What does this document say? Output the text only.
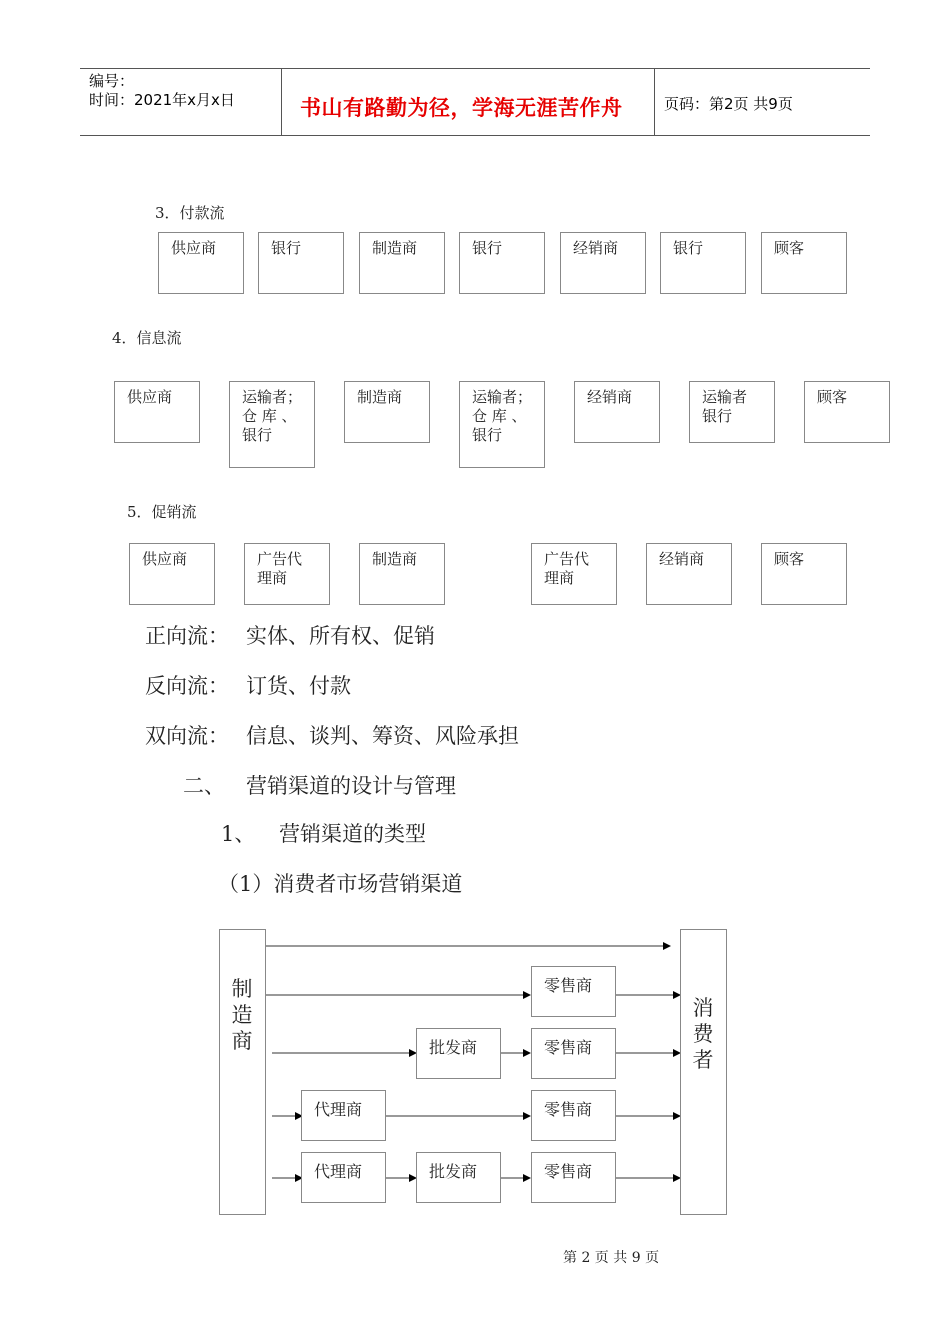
编号：
时间：2021年x月x日	书山有路勤为径，学海无涯苦作舟	页码：第2页 共9页
3．付款流
供应商	银行	制造商	银行	经销商	银行	顾客
4．信息流
供应商	运输者；
仓 库 、
银行
制造商	运输者；
仓 库 、
银行
经销商	运输者
银行
顾客
5．促销流
供应商	广告代
理商
制造商	广告代
理商
经销商	顾客
正向流： 实体、所有权、促销
反向流： 订货、付款
双向流： 信息、谈判、筹资、风险承担
二、 营销渠道的设计与管理
1、 营销渠道的类型
（1）消费者市场营销渠道
制
造
商
消
费
者
零售商
批发商	零售商
代理商	零售商
代理商	批发商	零售商
第 2 页 共 9 页
